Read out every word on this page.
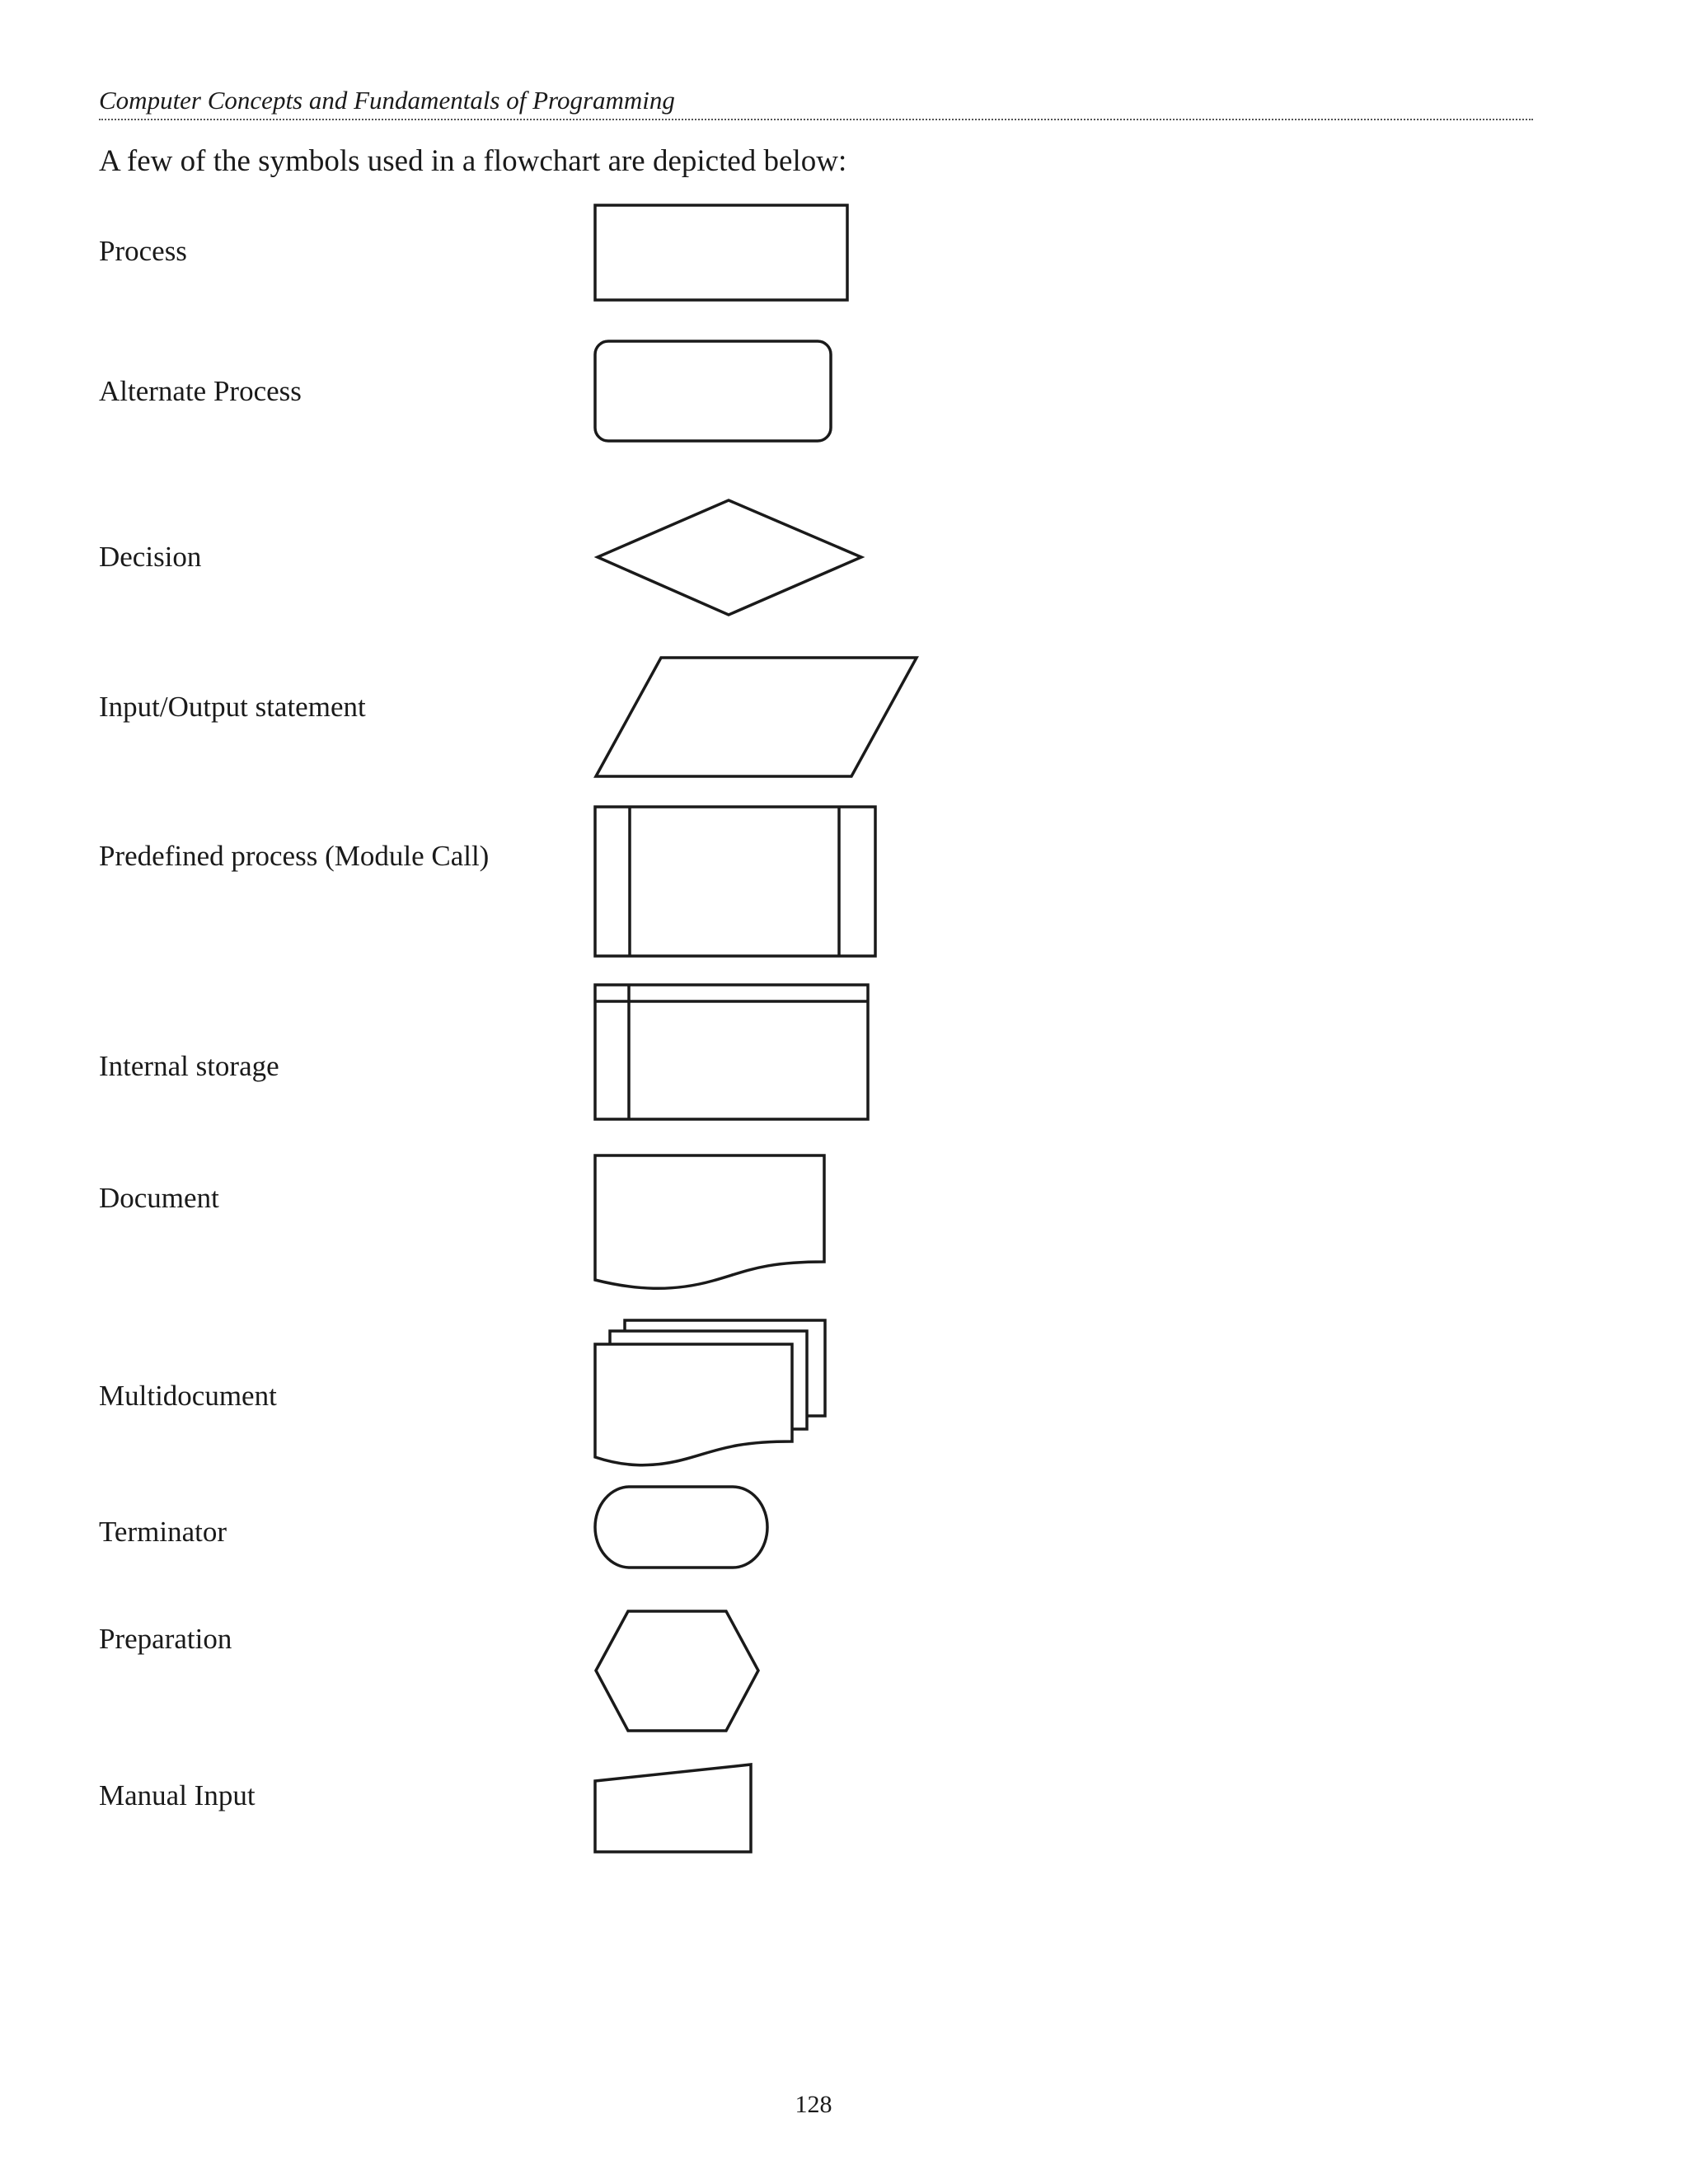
Computer Concepts and Fundamentals of Programming
A few of the symbols used in a flowchart are depicted below:
Process
Alternate Process
Decision
Input/Output statement
Predefined process (Module Call)
Internal storage
Document
Multidocument
Terminator
Preparation
Manual Input
128
